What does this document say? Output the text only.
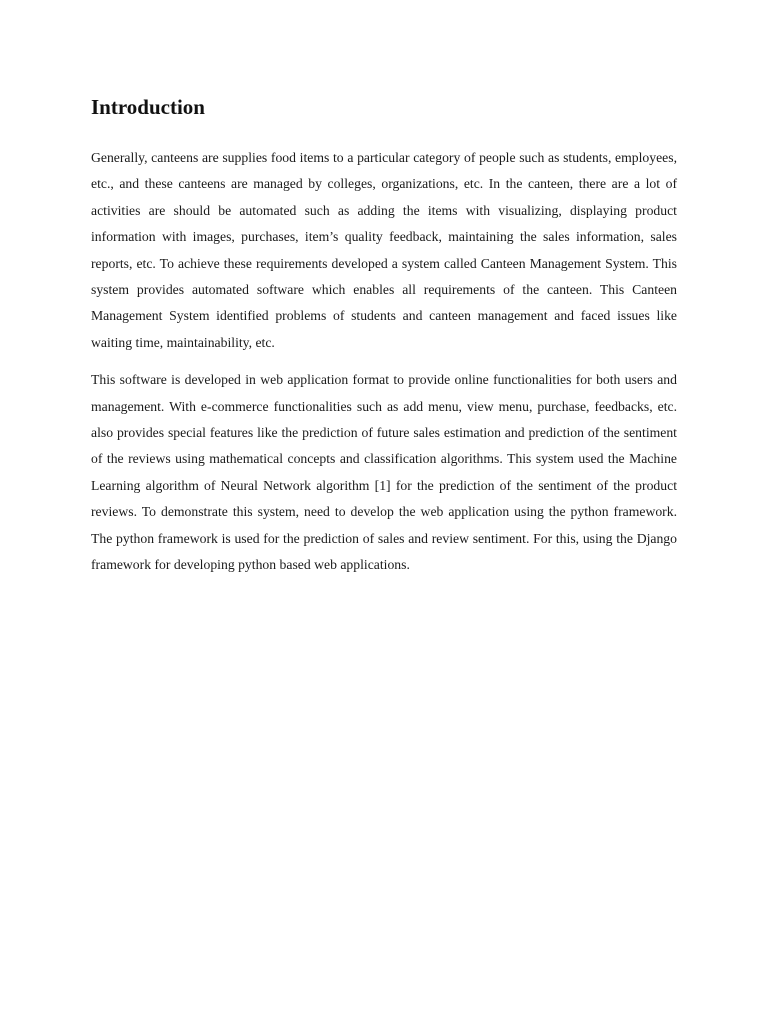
Introduction

Generally, canteens are supplies food items to a particular category of people such as students, employees, etc., and these canteens are managed by colleges, organizations, etc. In the canteen, there are a lot of activities are should be automated such as adding the items with visualizing, displaying product information with images, purchases, item’s quality feedback, maintaining the sales information, sales reports, etc. To achieve these requirements developed a system called Canteen Management System. This system provides automated software which enables all requirements of the canteen. This Canteen Management System identified problems of students and canteen management and faced issues like waiting time, maintainability, etc.

This software is developed in web application format to provide online functionalities for both users and management. With e-commerce functionalities such as add menu, view menu, purchase, feedbacks, etc. also provides special features like the prediction of future sales estimation and prediction of the sentiment of the reviews using mathematical concepts and classification algorithms. This system used the Machine Learning algorithm of Neural Network algorithm [1] for the prediction of the sentiment of the product reviews. To demonstrate this system, need to develop the web application using the python framework. The python framework is used for the prediction of sales and review sentiment. For this, using the Django framework for developing python based web applications.
